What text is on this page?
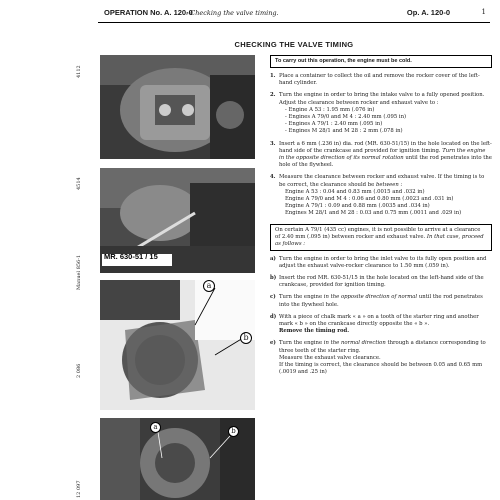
OPERATION No. A. 120-0
: Checking the valve timing.	Op. A. 120-0	1
CHECKING THE VALVE TIMING
4112
4514
Manuel 856-1
2 086
12 097
MR. 630-51 / 15
a
b
a	b
To carry out this operation, the engine must be cold.
1. Place a container to collect the oil and remove the rocker cover of the left-hand cylinder.
2. Turn the engine in order to bring the intake valve to a fully opened position.
Adjust the clearance between rocker and exhaust valve to :
- Engine A 53 : 1.95 mm (.076 in)
- Engines A 79/0 and M 4 : 2.40 mm (.095 in)
- Engines A 79/1 : 2.40 mm (.095 in)
- Engines M 28/1 and M 28 : 2 mm (.078 in)
3. Insert a 6 mm (.236 in) dia. rod (MR. 630-51/15) in the hole located on the left-hand side of the crankcase and provided for ignition timing. Turn the engine in the opposite direction of its normal rotation until the rod penetrates into the hole of the flywheel.
4. Measure the clearance between rocker and exhaust valve. If the timing is to be correct, the clearance should be between :
Engine A 53 : 0.04 and 0.83 mm (.0015 and .032 in)
Engine A 79/0 and M 4 : 0.06 and 0.80 mm (.0023 and .031 in)
Engine A 79/1 : 0.09 and 0.88 mm (.0035 and .034 in)
Engines M 28/1 and M 28 : 0.03 and 0.75 mm (.0011 and .029 in)
On certain A 79/1 (435 cc) engines, it is not possible to arrive at a clearance of 2.40 mm (.095 in) between rocker and exhaust valve. In that case, proceed as follows :
a) Turn the engine in order to bring the inlet valve to its fully open position and adjust the exhaust valve-rocker clearance to 1.50 mm (.059 in).
b) Insert the rod MR. 630-51/15 in the hole located on the left-hand side of the crankcase, provided for ignition timing.
c) Turn the engine in the opposite direction of normal until the rod penetrates into the flywheel hole.
d) With a piece of chalk mark « a » on a tooth of the starter ring and another mark « b » on the crankcase directly opposite the « b ».
Remove the timing rod.
e) Turn the engine in the normal direction through a distance corresponding to three teeth of the starter ring.
Measure the exhaust valve clearance.
If the timing is correct, the clearance should be between 0.05 and 0.65 mm (.0019 and .25 in)
